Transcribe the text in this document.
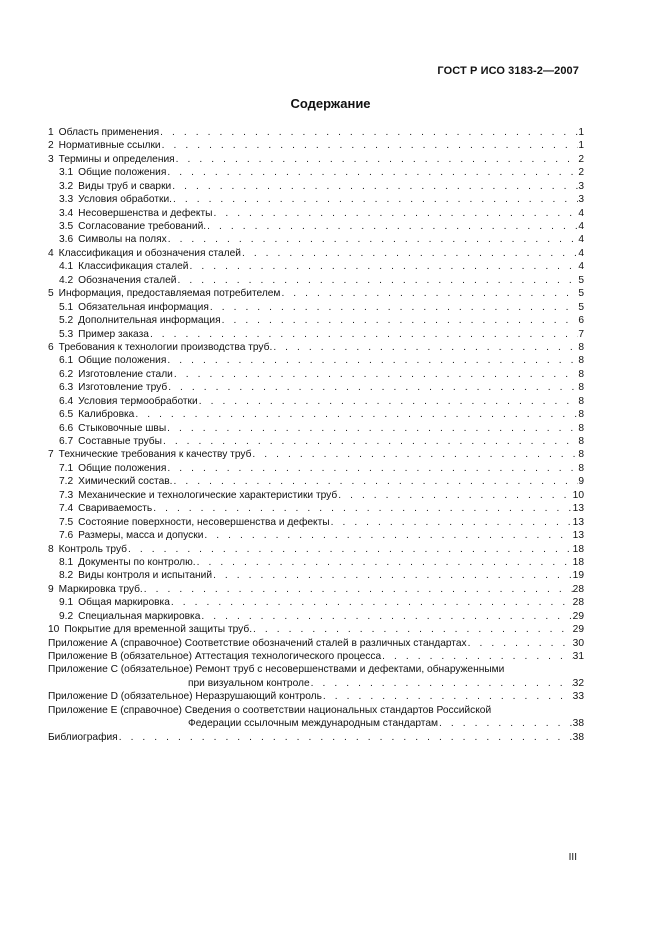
ГОСТ Р ИСО 3183-2—2007
Содержание
1 Область применения . . .	1
2 Нормативные ссылки . . .	1
3 Термины и определения . . .	2
3.1 Общие положения . . .	2
3.2 Виды труб и сварки . . .	3
3.3 Условия обработки. . . .	3
3.4 Несовершенства и дефекты . . .	4
3.5 Согласование требований. . . .	4
3.6 Символы на полях . . .	4
4 Классификация и обозначения сталей . . .	4
4.1 Классификация сталей . . .	4
4.2 Обозначения сталей . . .	5
5 Информация, предоставляемая потребителем . . .	5
5.1 Обязательная информация . . .	5
5.2 Дополнительная информация . . .	6
5.3 Пример заказа . . .	7
6 Требования к технологии производства труб. . . .	8
6.1 Общие положения . . .	8
6.2 Изготовление стали . . .	8
6.3 Изготовление труб . . .	8
6.4 Условия термообработки . . .	8
6.5 Калибровка . . .	8
6.6 Стыковочные швы . . .	8
6.7 Составные трубы . . .	8
7 Технические требования к качеству труб . . .	8
7.1 Общие положения . . .	8
7.2 Химический состав. . . .	9
7.3 Механические и технологические характеристики труб . . .	10
7.4 Свариваемость . . .	13
7.5 Состояние поверхности, несовершенства и дефекты . . .	13
7.6 Размеры, масса и допуски . . .	13
8 Контроль труб . . .	18
8.1 Документы по контролю. . . .	18
8.2 Виды контроля и испытаний . . .	19
9 Маркировка труб. . . .	28
9.1 Общая маркировка . . .	28
9.2 Специальная маркировка . . .	29
10 Покрытие для временной защиты труб. . . .	29
Приложение А (справочное) Соответствие обозначений сталей в различных стандартах . . .	30
Приложение В (обязательное) Аттестация технологического процесса . . .	31
Приложение С (обязательное) Ремонт труб с несовершенствами и дефектами, обнаруженными
при визуальном контроле . . .	32
Приложение D (обязательное) Неразрушающий контроль . . .	33
Приложение Е (справочное) Сведения о соответствии национальных стандартов Российской
Федерации ссылочным международным стандартам . . .	38
Библиография . . .	38
III
